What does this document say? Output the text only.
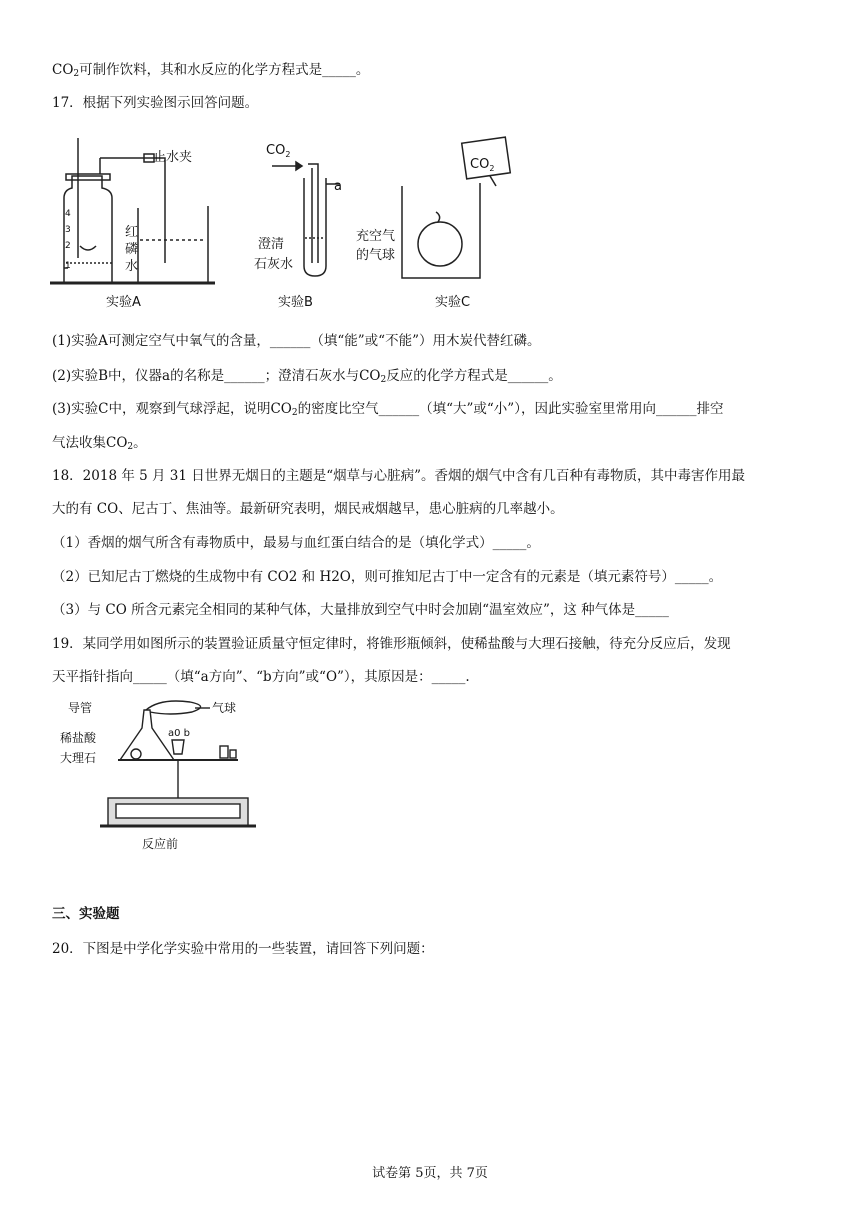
$CO_2$可制作饮料，其和水反应的化学方程式是_____。
17．根据下列实验图示回答问题。
止水夹
红
磷
水
实验A
1
2
3
4
$CO_2$
a
澄清
石灰水
实验B
$CO_2$
充空气
的气球
实验C
(1)实验A可测定空气中氧气的含量，______（填“能”或“不能”）用木炭代替红磷。
(2)实验B中，仪器a的名称是______；澄清石灰水与$CO_2$反应的化学方程式是______。
(3)实验C中，观察到气球浮起，说明$CO_2$的密度比空气______（填“大”或“小”），因此实验室里常用向______排空
气法收集$CO_2$。
18．2018 年 5 月 31 日世界无烟日的主题是“烟草与心脏病”。香烟的烟气中含有几百种有毒物质，其中毒害作用最
大的有 CO、尼古丁、焦油等。最新研究表明，烟民戒烟越早，患心脏病的几率越小。
（1）香烟的烟气所含有毒物质中，最易与血红蛋白结合的是（填化学式）_____。
（2）已知尼古丁燃烧的生成物中有 CO2 和 H2O，则可推知尼古丁中一定含有的元素是（填元素符号）_____。
（3）与 CO 所含元素完全相同的某种气体，大量排放到空气中时会加剧“温室效应”，这 种气体是_____
19．某同学用如图所示的装置验证质量守恒定律时，将锥形瓶倾斜，使稀盐酸与大理石接触，待充分反应后，发现
天平指针指向_____（填“a方向”、“b方向”或“O”），其原因是：_____.
导管	气球
稀盐酸	a0 b
大理石
反应前
三、实验题
20．下图是中学化学实验中常用的一些装置，请回答下列问题：
试卷第 5页，共 7页
